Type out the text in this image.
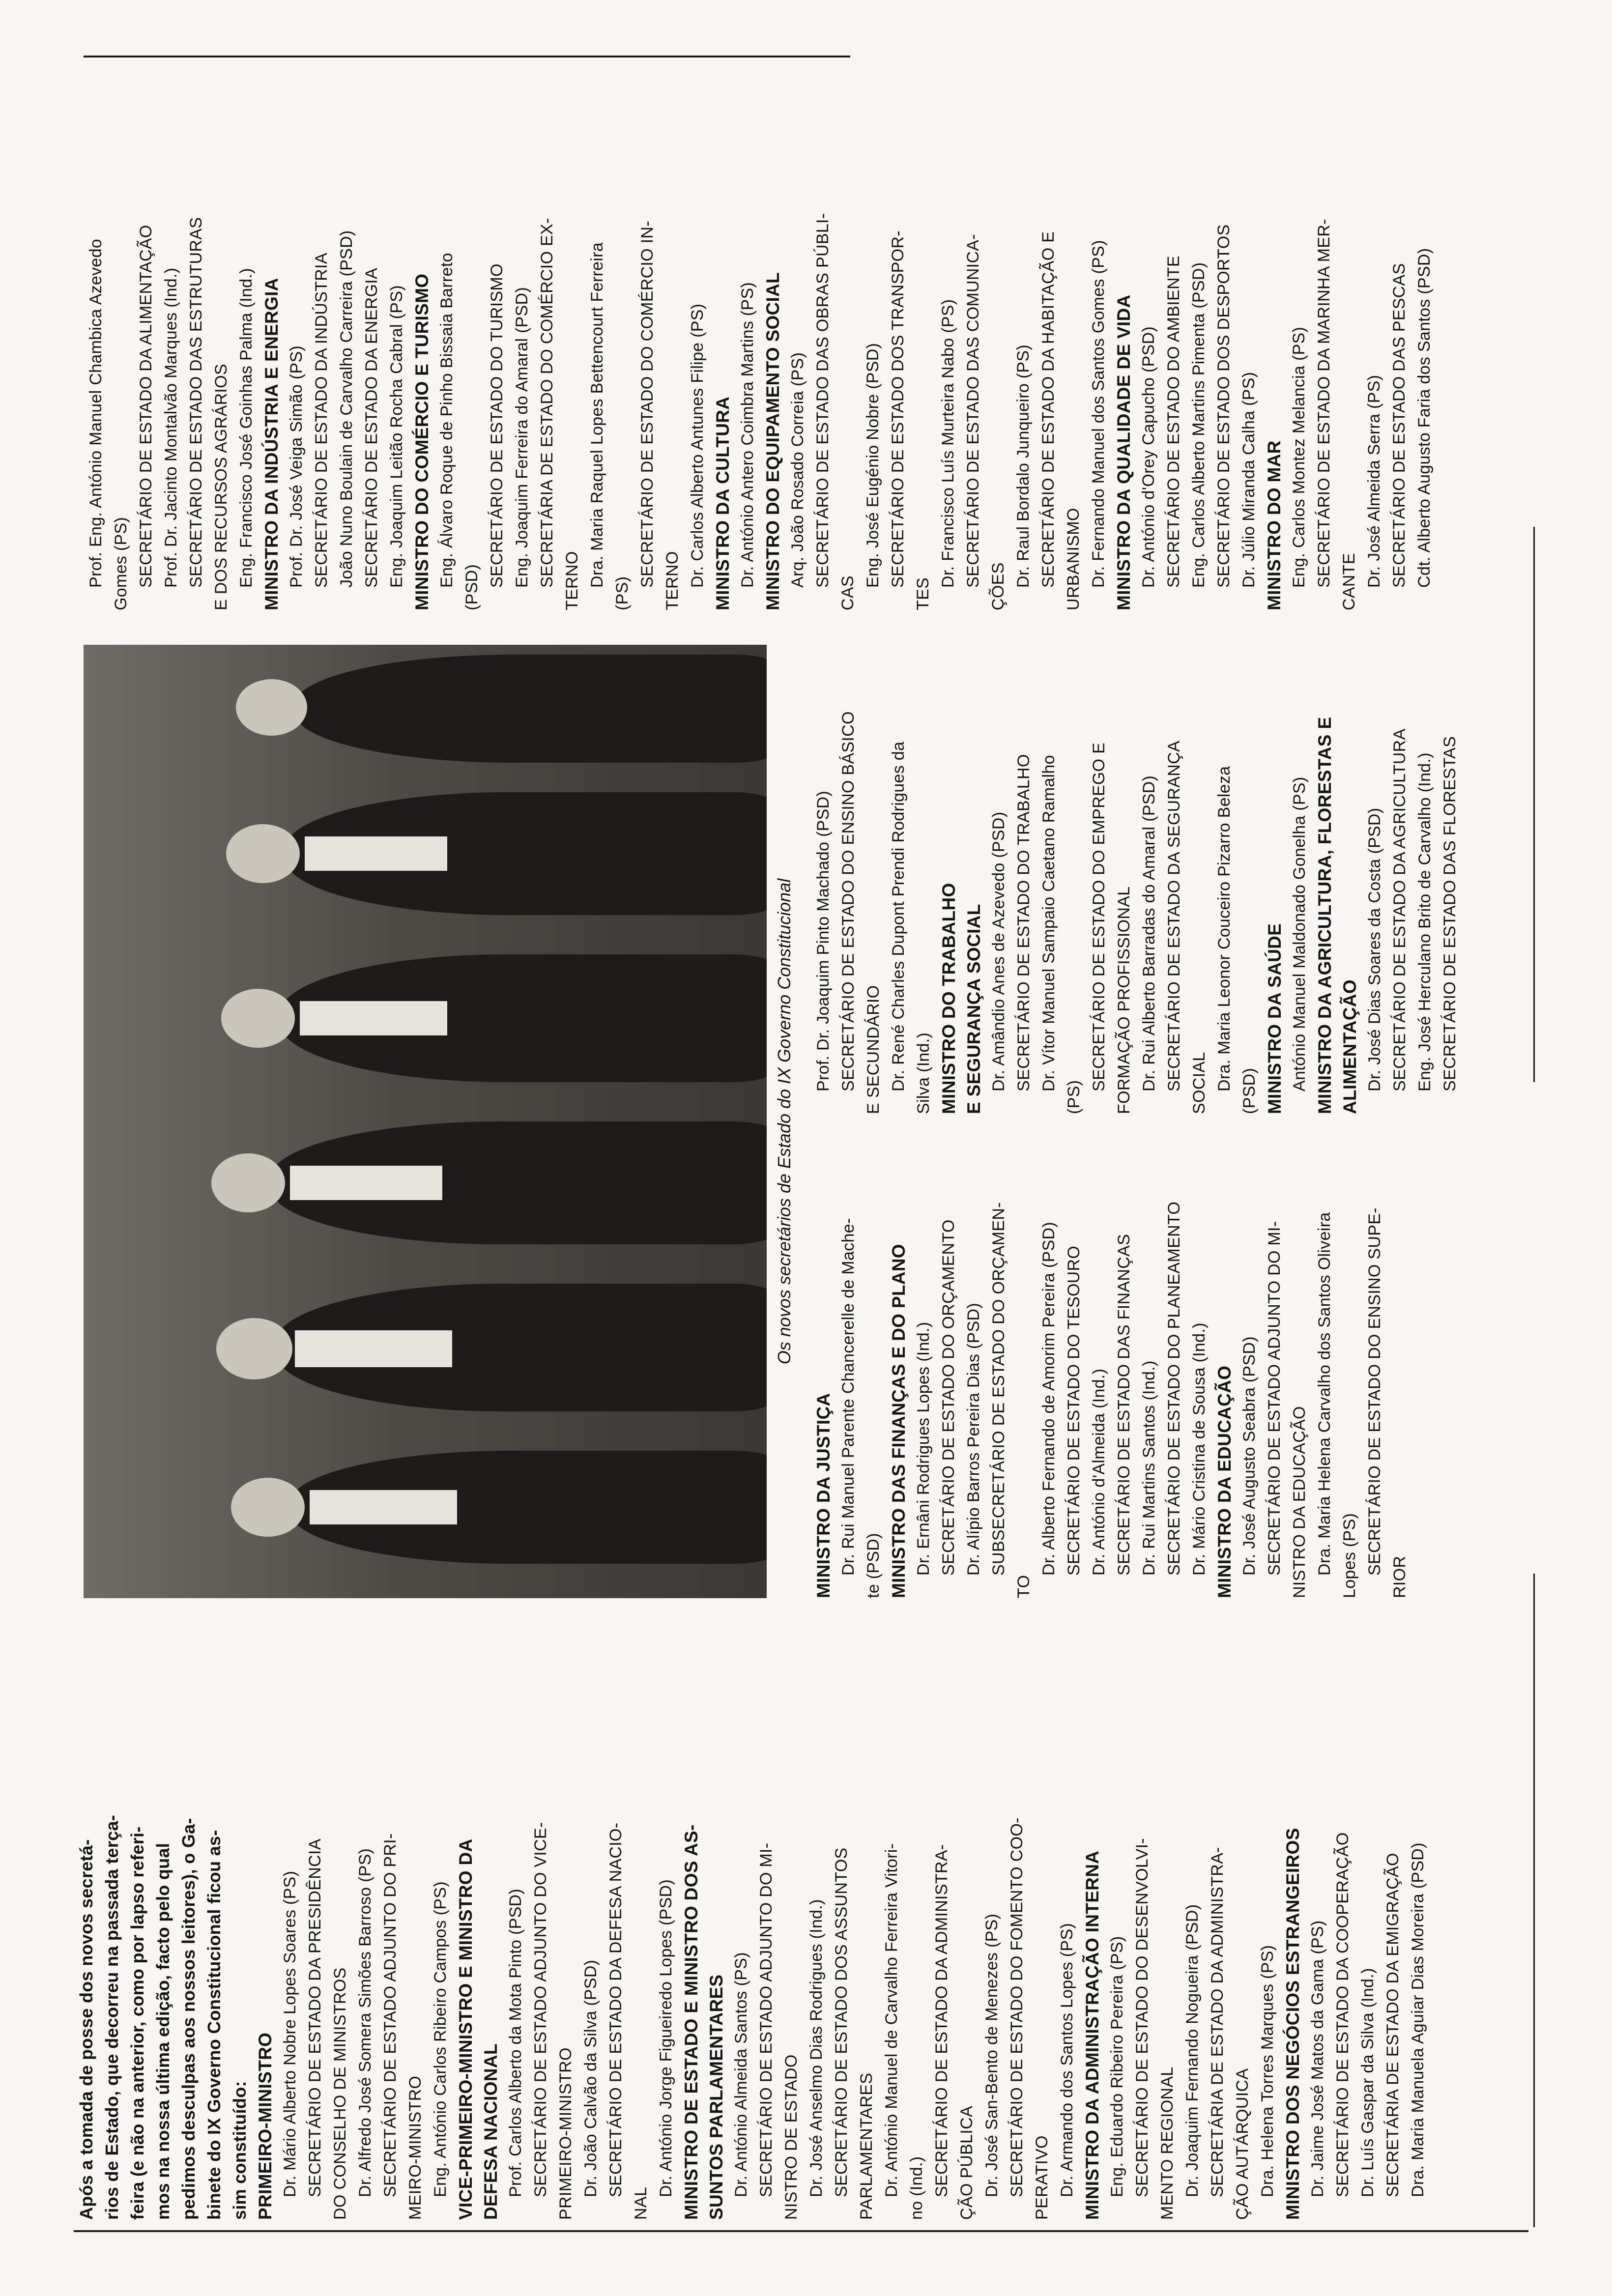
Após a tomada de posse dos novos secretá- rios de Estado, que decorreu na passada terça- feira (e não na anterior, como por lapso referi- mos na nossa última edição, facto pelo qual pedimos desculpas aos nossos leitores), o Ga- binete do IX Governo Constitucional ficou as- sim constituído: PRIMEIRO-MINISTRO Dr. Mário Alberto Nobre Lopes Soares (PS) SECRETÁRIO DE ESTADO DA PRESIDÊNCIA DO CONSELHO DE MINISTROS Dr. Alfredo José Somera Simões Barroso (PS) SECRETÁRIO DE ESTADO ADJUNTO DO PRI- MEIRO-MINISTRO Eng. António Carlos Ribeiro Campos (PS) VICE-PRIMEIRO-MINISTRO E MINISTRO DA DEFESA NACIONAL Prof. Carlos Alberto da Mota Pinto (PSD) SECRETÁRIO DE ESTADO ADJUNTO DO VICE- PRIMEIRO-MINISTRO Dr. João Calvão da Silva (PSD) SECRETÁRIO DE ESTADO DA DEFESA NACIO-
NAL
Dr. António Jorge Figueiredo Lopes (PSD) MINISTRO DE ESTADO E MINISTRO DOS AS- SUNTOS PARLAMENTARES Dr. António Almeida Santos (PS) SECRETÁRIO DE ESTADO ADJUNTO DO MI- NISTRO DE ESTADO Dr. José Anselmo Dias Rodrigues (Ind.) SECRETÁRIO DE ESTADO DOS ASSUNTOS PARLAMENTARES Dr. António Manuel de Carvalho Ferreira Vitori- no (Ind.) SECRETÁRIO DE ESTADO DA ADMINISTRA- ÇÃO PÚBLICA Dr. José San-Bento de Menezes (PS) SECRETÁRIO DE ESTADO DO FOMENTO COO- PERATIVO Dr. Armando dos Santos Lopes (PS) MINISTRO DA ADMINISTRAÇÃO INTERNA Eng. Eduardo Ribeiro Pereira (PS) SECRETÁRIO DE ESTADO DO DESENVOLVI- MENTO REGIONAL Dr. Joaquim Fernando Nogueira (PSD) SECRETÁRIA DE ESTADO DA ADMINISTRA- ÇÃO AUTÁRQUICA Dra. Helena Torres Marques (PS) MINISTRO DOS NEGÓCIOS ESTRANGEIROS Dr. Jaime José Matos da Gama (PS) SECRETÁRIO DE ESTADO DA COOPERAÇÃO Dr. Luís Gaspar da Silva (Ind.) SECRETÁRIA DE ESTADO DA EMIGRAÇÃO Dra. Maria Manuela Aguiar Dias Moreira (PSD)
Os novos secretários de Estado do IX Governo Constitucional
MINISTRO DA JUSTIÇA Dr. Rui Manuel Parente Chancerelle de Mache- te (PSD) MINISTRO DAS FINANÇAS E DO PLANO Dr. Ernâni Rodrigues Lopes (Ind.) SECRETÁRIO DE ESTADO DO ORÇAMENTO Dr. Alípio Barros Pereira Dias (PSD) SUBSECRETÁRIO DE ESTADO DO ORÇAMEN-
TO
Dr. Alberto Fernando de Amorim Pereira (PSD) SECRETÁRIO DE ESTADO DO TESOURO Dr. António d'Almeida (Ind.) SECRETÁRIO DE ESTADO DAS FINANÇAS Dr. Rui Martins Santos (Ind.) SECRETÁRIO DE ESTADO DO PLANEAMENTO Dr. Mário Cristina de Sousa (Ind.) MINISTRO DA EDUCAÇÃO Dr. José Augusto Seabra (PSD) SECRETÁRIO DE ESTADO ADJUNTO DO MI- NISTRO DA EDUCAÇÃO Dra. Maria Helena Carvalho dos Santos Oliveira Lopes (PS) SECRETÁRIO DE ESTADO DO ENSINO SUPE-
RIOR
Prof. Dr. Joaquim Pinto Machado (PSD) SECRETÁRIO DE ESTADO DO ENSINO BÁSICO E SECUNDÁRIO Dr. René Charles Dupont Prendi Rodrigues da Silva (Ind.) MINISTRO DO TRABALHO E SEGURANÇA SOCIAL Dr. Amândio Anes de Azevedo (PSD) SECRETÁRIO DE ESTADO DO TRABALHO Dr. Vítor Manuel Sampaio Caetano Ramalho
(PS)
SECRETÁRIO DE ESTADO DO EMPREGO E FORMAÇÃO PROFISSIONAL Dr. Rui Alberto Barradas do Amaral (PSD) SECRETÁRIO DE ESTADO DA SEGURANÇA SOCIAL Dra. Maria Leonor Couceiro Pizarro Beleza (PSD) MINISTRO DA SAÚDE António Manuel Maldonado Gonelha (PS) MINISTRO DA AGRICULTURA, FLORESTAS E ALIMENTAÇÃO Dr. José Dias Soares da Costa (PSD) SECRETÁRIO DE ESTADO DA AGRICULTURA Eng. José Herculano Brito de Carvalho (Ind.) SECRETÁRIO DE ESTADO DAS FLORESTAS
Prof. Eng. António Manuel Chambica Azevedo Gomes (PS) SECRETÁRIO DE ESTADO DA ALIMENTAÇÃO Prof. Dr. Jacinto Montalvão Marques (Ind.) SECRETÁRIO DE ESTADO DAS ESTRUTURAS E DOS RECURSOS AGRÁRIOS Eng. Francisco José Goinhas Palma (Ind.) MINISTRO DA INDÚSTRIA E ENERGIA Prof. Dr. José Veiga Simão (PS) SECRETÁRIO DE ESTADO DA INDÚSTRIA João Nuno Boulain de Carvalho Carreira (PSD) SECRETÁRIO DE ESTADO DA ENERGIA Eng. Joaquim Leitão Rocha Cabral (PS) MINISTRO DO COMÉRCIO E TURISMO Eng. Álvaro Roque de Pinho Bissaia Barreto (PSD) SECRETÁRIO DE ESTADO DO TURISMO Eng. Joaquim Ferreira do Amaral (PSD) SECRETÁRIA DE ESTADO DO COMÉRCIO EX- TERNO Dra. Maria Raquel Lopes Bettencourt Ferreira
(PS)
SECRETÁRIO DE ESTADO DO COMÉRCIO IN- TERNO Dr. Carlos Alberto Antunes Filipe (PS) MINISTRO DA CULTURA Dr. António Antero Coimbra Martins (PS) MINISTRO DO EQUIPAMENTO SOCIAL Arq. João Rosado Correia (PS) SECRETÁRIO DE ESTADO DAS OBRAS PÚBLI-
CAS
Eng. José Eugénio Nobre (PSD) SECRETÁRIO DE ESTADO DOS TRANSPOR-
TES
Dr. Francisco Luís Murteira Nabo (PS) SECRETÁRIO DE ESTADO DAS COMUNICA- ÇÕES Dr. Raul Bordalo Junqueiro (PS) SECRETÁRIO DE ESTADO DA HABITAÇÃO E URBANISMO Dr. Fernando Manuel dos Santos Gomes (PS) MINISTRO DA QUALIDADE DE VIDA Dr. António d'Orey Capucho (PSD) SECRETÁRIO DE ESTADO DO AMBIENTE Eng. Carlos Alberto Martins Pimenta (PSD) SECRETÁRIO DE ESTADO DOS DESPORTOS Dr. Júlio Miranda Calha (PS) MINISTRO DO MAR Eng. Carlos Montez Melancia (PS) SECRETÁRIO DE ESTADO DA MARINHA MER- CANTE Dr. José Almeida Serra (PS) SECRETÁRIO DE ESTADO DAS PESCAS Cdt. Alberto Augusto Faria dos Santos (PSD)
